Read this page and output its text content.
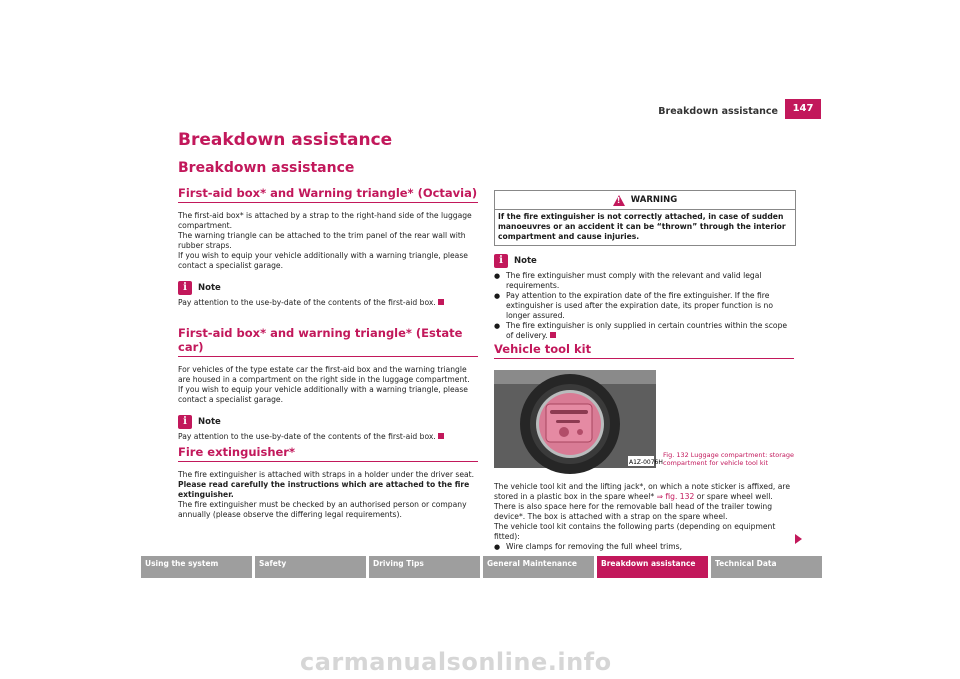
Breakdown assistance	147
Breakdown assistance
Breakdown assistance
First-aid box* and Warning triangle* (Octavia)

The first-aid box* is attached by a strap to the right-hand side of the luggage compartment.

The warning triangle can be attached to the trim panel of the rear wall with rubber straps.

If you wish to equip your vehicle additionally with a warning triangle, please contact a specialist garage.

i	Note

Pay attention to the use-by-date of the contents of the first-aid box.

First-aid box* and warning triangle* (Estate car)

For vehicles of the type estate car the first-aid box and the warning triangle are housed in a compartment on the right side in the luggage compartment.

If you wish to equip your vehicle additionally with a warning triangle, please contact a specialist garage.

i	Note

Pay attention to the use-by-date of the contents of the first-aid box.

Fire extinguisher*

The fire extinguisher is attached with straps in a holder under the driver seat.

Please read carefully the instructions which are attached to the fire extinguisher.

The fire extinguisher must be checked by an authorised person or company annually (please observe the differing legal requirements).

!
WARNING
If the fire extinguisher is not correctly attached, in case of sudden manoeuvres or an accident it can be “thrown” through the interior compartment and cause injuries.
i	Note
● The fire extinguisher must comply with the relevant and valid legal requirements.
● Pay attention to the expiration date of the fire extinguisher. If the fire extinguisher is used after the expiration date, its proper function is no longer assured.
● The fire extinguisher is only supplied in certain countries within the scope of delivery.
Vehicle tool kit
A1Z-0076H
Fig. 132 Luggage compartment: storage compartment for vehicle tool kit

The vehicle tool kit and the lifting jack*, on which a note sticker is affixed, are stored in a plastic box in the spare wheel* ⇒ fig. 132 or spare wheel well. There is also space here for the removable ball head of the trailer towing device*. The box is attached with a strap on the spare wheel.

The vehicle tool kit contains the following parts (depending on equipment fitted):

● Wire clamps for removing the full wheel trims,
Using the system	Safety	Driving Tips	General Maintenance	Breakdown assistance	Technical Data
carmanualsonline.info
